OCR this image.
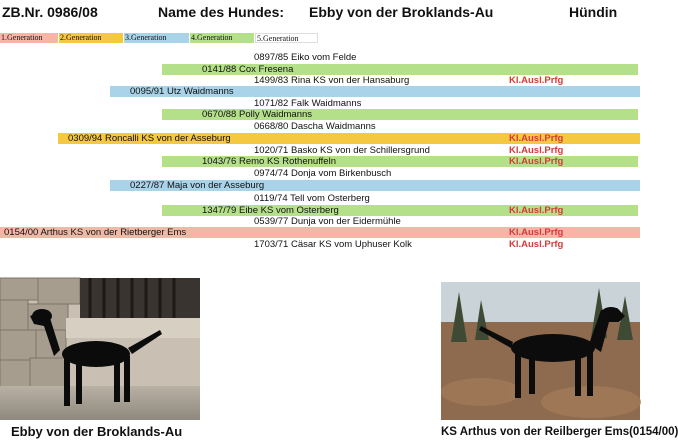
ZB.Nr. 0986/08	Name des Hundes: Ebby von der Broklands-Au	Hündin
1.Generation	2.Generation	3.Generation	4.Generation	5.Generation
0897/85 Eiko vom Felde
0141/88 Cox Fresena
1499/83 Rina KS von der Hansaburg	Kl.Ausl.Prfg
0095/91 Utz Waidmanns
1071/82 Falk Waidmanns
0670/88 Polly Waidmanns
0668/80 Dascha Waidmanns
0309/94 Roncalli KS von der Asseburg	Kl.Ausl.Prfg
1020/71 Basko KS von der Schillersgrund	Kl.Ausl.Prfg
1043/76 Remo KS Rothenuffeln	Kl.Ausl.Prfg
0974/74 Donja vom Birkenbusch
0227/87 Maja von der Asseburg
0119/74 Tell vom Osterberg
1347/79 Eibe KS vom Osterberg	Kl.Ausl.Prfg
0539/77 Dunja von der Eidermühle
0154/00 Arthus KS von der Rietberger Ems	Kl.Ausl.Prfg
1703/71 Cäsar KS vom Uphuser Kolk	Kl.Ausl.Prfg
Ebby von der Broklands-Au	KS Arthus von der Reilberger Ems(0154/00)
